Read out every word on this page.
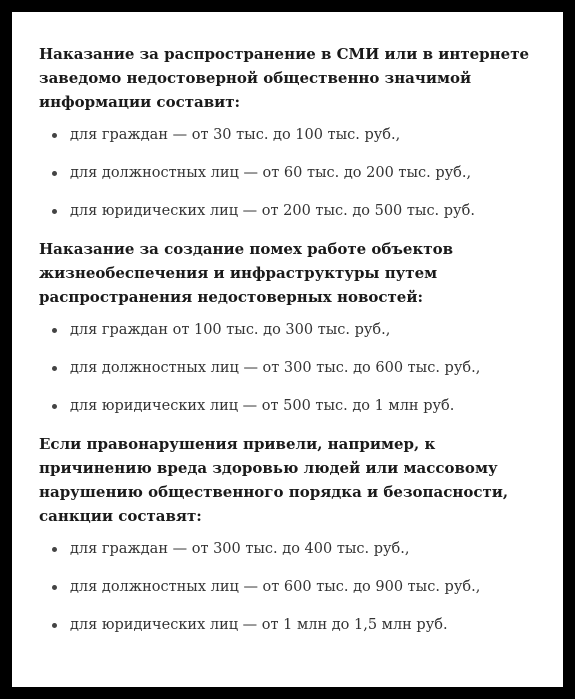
Наказание за распространение в СМИ или в интернете заведомо недостоверной общественно значимой информации составит:
для граждан — от 30 тыс. до 100 тыс. руб.,
для должностных лиц — от 60 тыс. до 200 тыс. руб.,
для юридических лиц — от 200 тыс. до 500 тыс. руб.
Наказание за создание помех работе объектов жизнеобеспечения и инфраструктуры путем распространения недостоверных новостей:
для граждан от 100 тыс. до 300 тыс. руб.,
для должностных лиц — от 300 тыс. до 600 тыс. руб.,
для юридических лиц — от 500 тыс. до 1 млн руб.
Если правонарушения привели, например, к причинению вреда здоровью людей или массовому нарушению общественного порядка и безопасности, санкции составят:
для граждан — от 300 тыс. до 400 тыс. руб.,
для должностных лиц — от 600 тыс. до 900 тыс. руб.,
для юридических лиц — от 1 млн до 1,5 млн руб.
